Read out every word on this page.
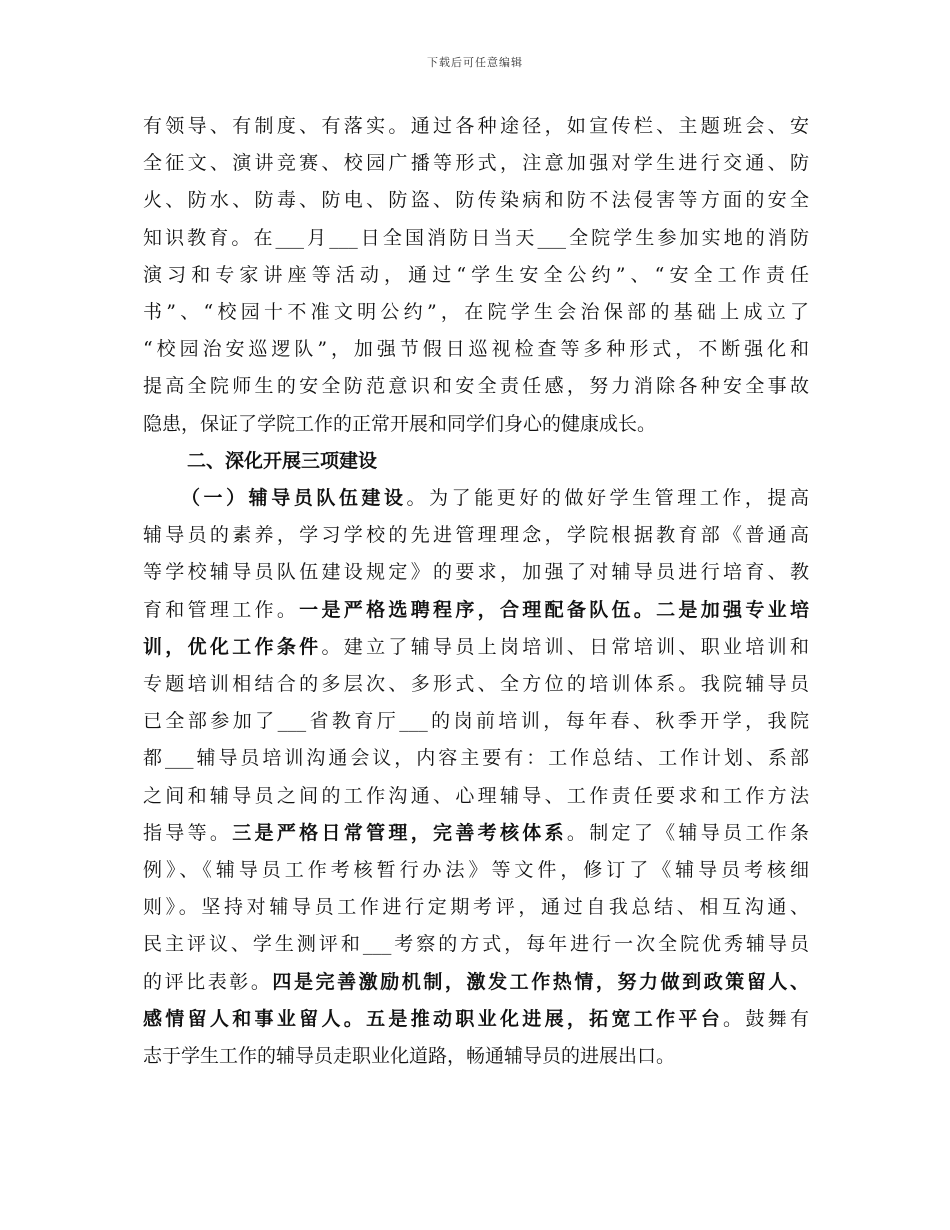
下载后可任意编辑
有领导、有制度、有落实。通过各种途径，如宣传栏、主题班会、安
全征文、演讲竞赛、校园广播等形式，注意加强对学生进行交通、防
火、防水、防毒、防电、防盗、防传染病和防不法侵害等方面的安全
知识教育。在___月___日全国消防日当天___全院学生参加实地的消防
演习和专家讲座等活动，通过“学生安全公约”、“安全工作责任
书”、“校园十不准文明公约”，在院学生会治保部的基础上成立了
“校园治安巡逻队”，加强节假日巡视检查等多种形式，不断强化和
提高全院师生的安全防范意识和安全责任感，努力消除各种安全事故
隐患，保证了学院工作的正常开展和同学们身心的健康成长。
二、深化开展三项建设
（一）辅导员队伍建设。为了能更好的做好学生管理工作，提高
辅导员的素养，学习学校的先进管理理念，学院根据教育部《普通高
等学校辅导员队伍建设规定》的要求，加强了对辅导员进行培育、教
育和管理工作。一是严格选聘程序，合理配备队伍。二是加强专业培
训，优化工作条件。建立了辅导员上岗培训、日常培训、职业培训和
专题培训相结合的多层次、多形式、全方位的培训体系。我院辅导员
已全部参加了___省教育厅___的岗前培训，每年春、秋季开学，我院
都___辅导员培训沟通会议，内容主要有：工作总结、工作计划、系部
之间和辅导员之间的工作沟通、心理辅导、工作责任要求和工作方法
指导等。三是严格日常管理，完善考核体系。制定了《辅导员工作条
例》、《辅导员工作考核暂行办法》等文件，修订了《辅导员考核细
则》。坚持对辅导员工作进行定期考评，通过自我总结、相互沟通、
民主评议、学生测评和___考察的方式，每年进行一次全院优秀辅导员
的评比表彰。四是完善激励机制，激发工作热情，努力做到政策留人、
感情留人和事业留人。五是推动职业化进展，拓宽工作平台。鼓舞有
志于学生工作的辅导员走职业化道路，畅通辅导员的进展出口。
